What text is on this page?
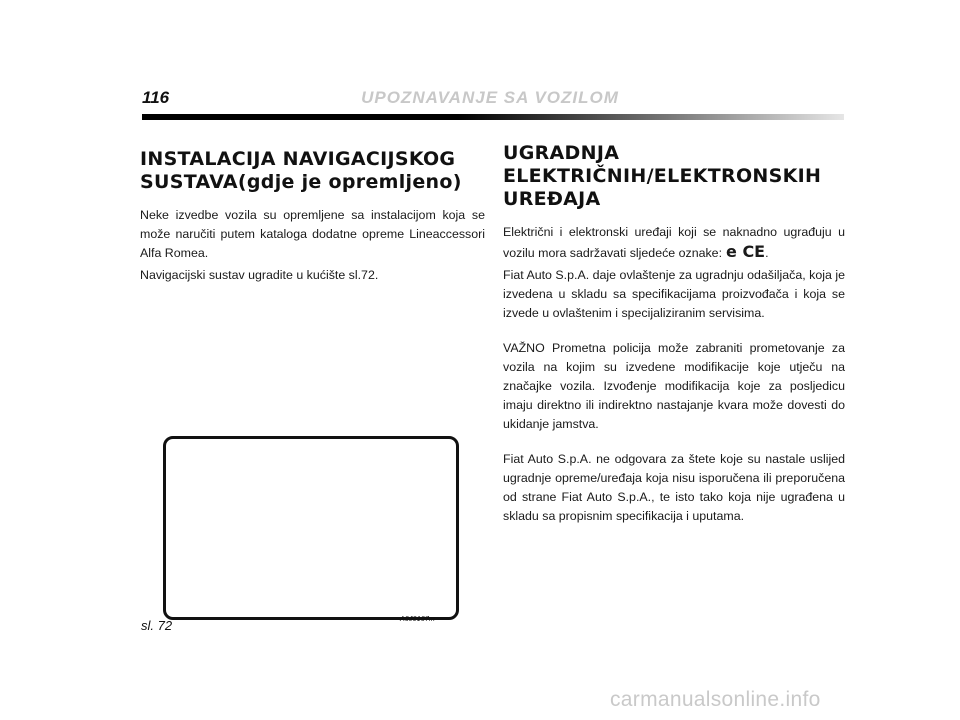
116	UPOZNAVANJE SA VOZILOM
INSTALACIJA NAVIGACIJSKOG
SUSTAVA(gdje je opremljeno)

Neke izvedbe vozila su opremljene sa instalacijom koja se može naručiti putem kataloga dodatne opreme Lineaccessori Alfa Romea.

Navigacijski sustav ugradite u kućište sl.72.

A0J0107m
sl. 72
UGRADNJA
ELEKTRIČNIH/ELEKTRONSKIH
UREĐAJA

Električni i elektronski uređaji koji se naknadno ugrađuju u vozilu mora sadržavati sljedeće oznake: e CE.

Fiat Auto S.p.A. daje ovlaštenje za ugradnju odašiljača, koja je izvedena u skladu sa specifikacijama proizvođača i koja se izvede u ovlaštenim i specijaliziranim servisima.

VAŽNO Prometna policija može zabraniti prometovanje za vozila na kojim su izvedene modifikacije koje utječu na značajke vozila. Izvođenje modifikacija koje za posljedicu imaju direktno ili indirektno nastajanje kvara može dovesti do ukidanje jamstva.

Fiat Auto S.p.A. ne odgovara za štete koje su nastale uslijed ugradnje opreme/uređaja koja nisu isporučena ili preporučena od strane Fiat Auto S.p.A., te isto tako koja nije ugrađena u skladu sa propisnim specifikacija i uputama.

carmanualsonline.info
